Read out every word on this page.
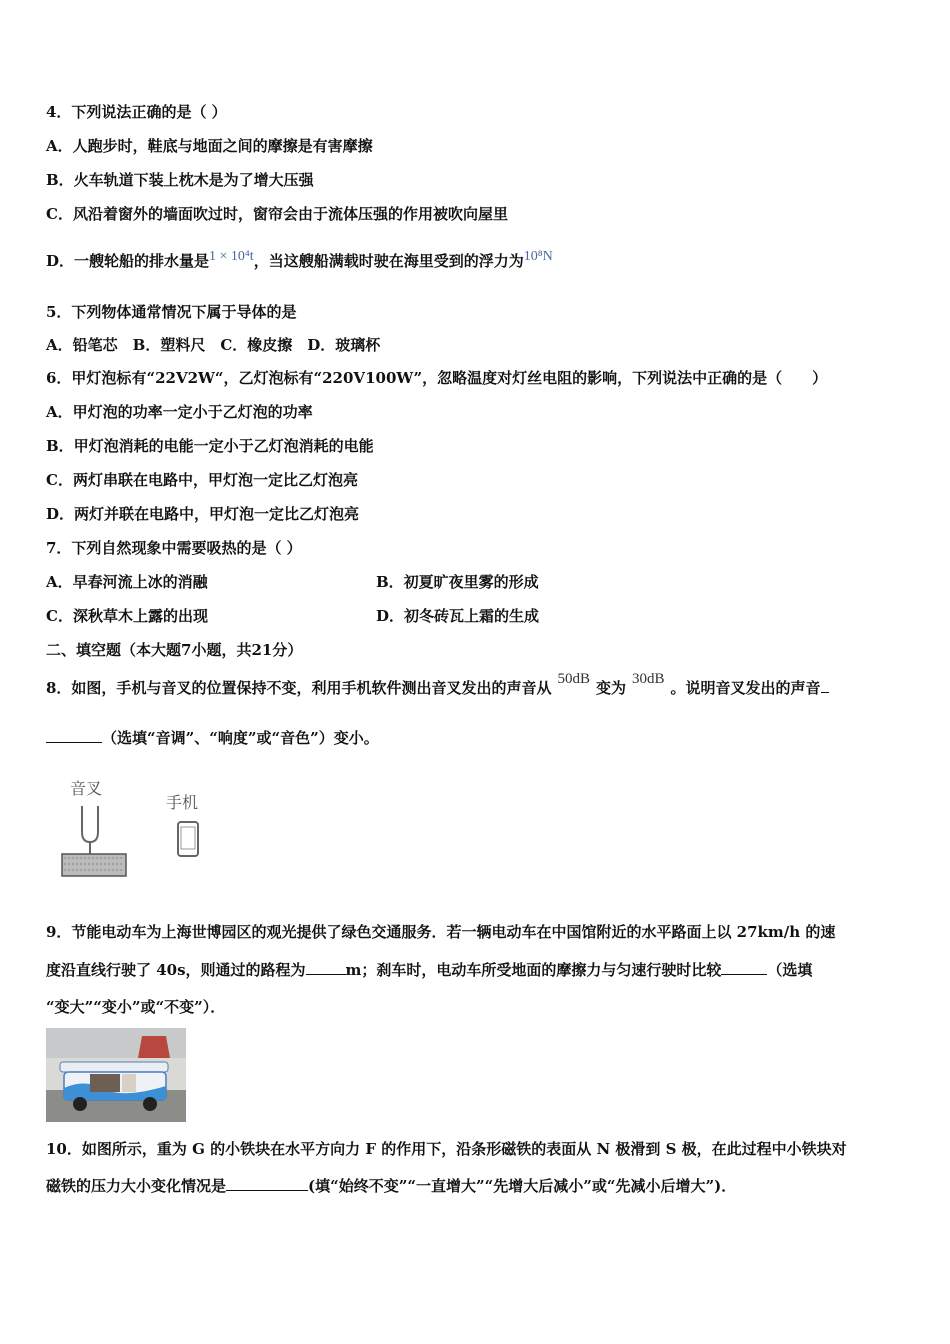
4．下列说法正确的是（ ）
A．人跑步时，鞋底与地面之间的摩擦是有害摩擦
B．火车轨道下装上枕木是为了增大压强
C．风沿着窗外的墙面吹过时，窗帘会由于流体压强的作用被吹向屋里
D．一艘轮船的排水量是1 × 10⁴t，当这艘船满载时驶在海里受到的浮力为10⁸N
5．下列物体通常情况下属于导体的是
A．铅笔芯　B．塑料尺　C．橡皮擦　D．玻璃杯
6．甲灯泡标有“22V2W“，乙灯泡标有“220V100W”，忽略温度对灯丝电阻的影响，下列说法中正确的是（　　）
A．甲灯泡的功率一定小于乙灯泡的功率
B．甲灯泡消耗的电能一定小于乙灯泡消耗的电能
C．两灯串联在电路中，甲灯泡一定比乙灯泡亮
D．两灯并联在电路中，甲灯泡一定比乙灯泡亮
7．下列自然现象中需要吸热的是（ ）
A．早春河流上冰的消融	B．初夏旷夜里雾的形成
C．深秋草木上露的出现	D．初冬砖瓦上霜的生成
二、填空题（本大题7小题，共21分）
8．如图，手机与音叉的位置保持不变，利用手机软件测出音叉发出的声音从 50dB 变为 30dB 。说明音叉发出的声音
（选填“音调”、“响度”或“音色”）变小。
音叉
手机
9．节能电动车为上海世博园区的观光提供了绿色交通服务．若一辆电动车在中国馆附近的水平路面上以 27km/h 的速
度沿直线行驶了 40s，则通过的路程为	m；刹车时，电动车所受地面的摩擦力与匀速行驶时比较	（选填
“变大”“变小”或“不变”）．
10．如图所示，重为 G 的小铁块在水平方向力 F 的作用下，沿条形磁铁的表面从 N 极滑到 S 极，在此过程中小铁块对
磁铁的压力大小变化情况是	(填“始终不变”“一直增大”“先增大后减小”或“先减小后增大”)．
